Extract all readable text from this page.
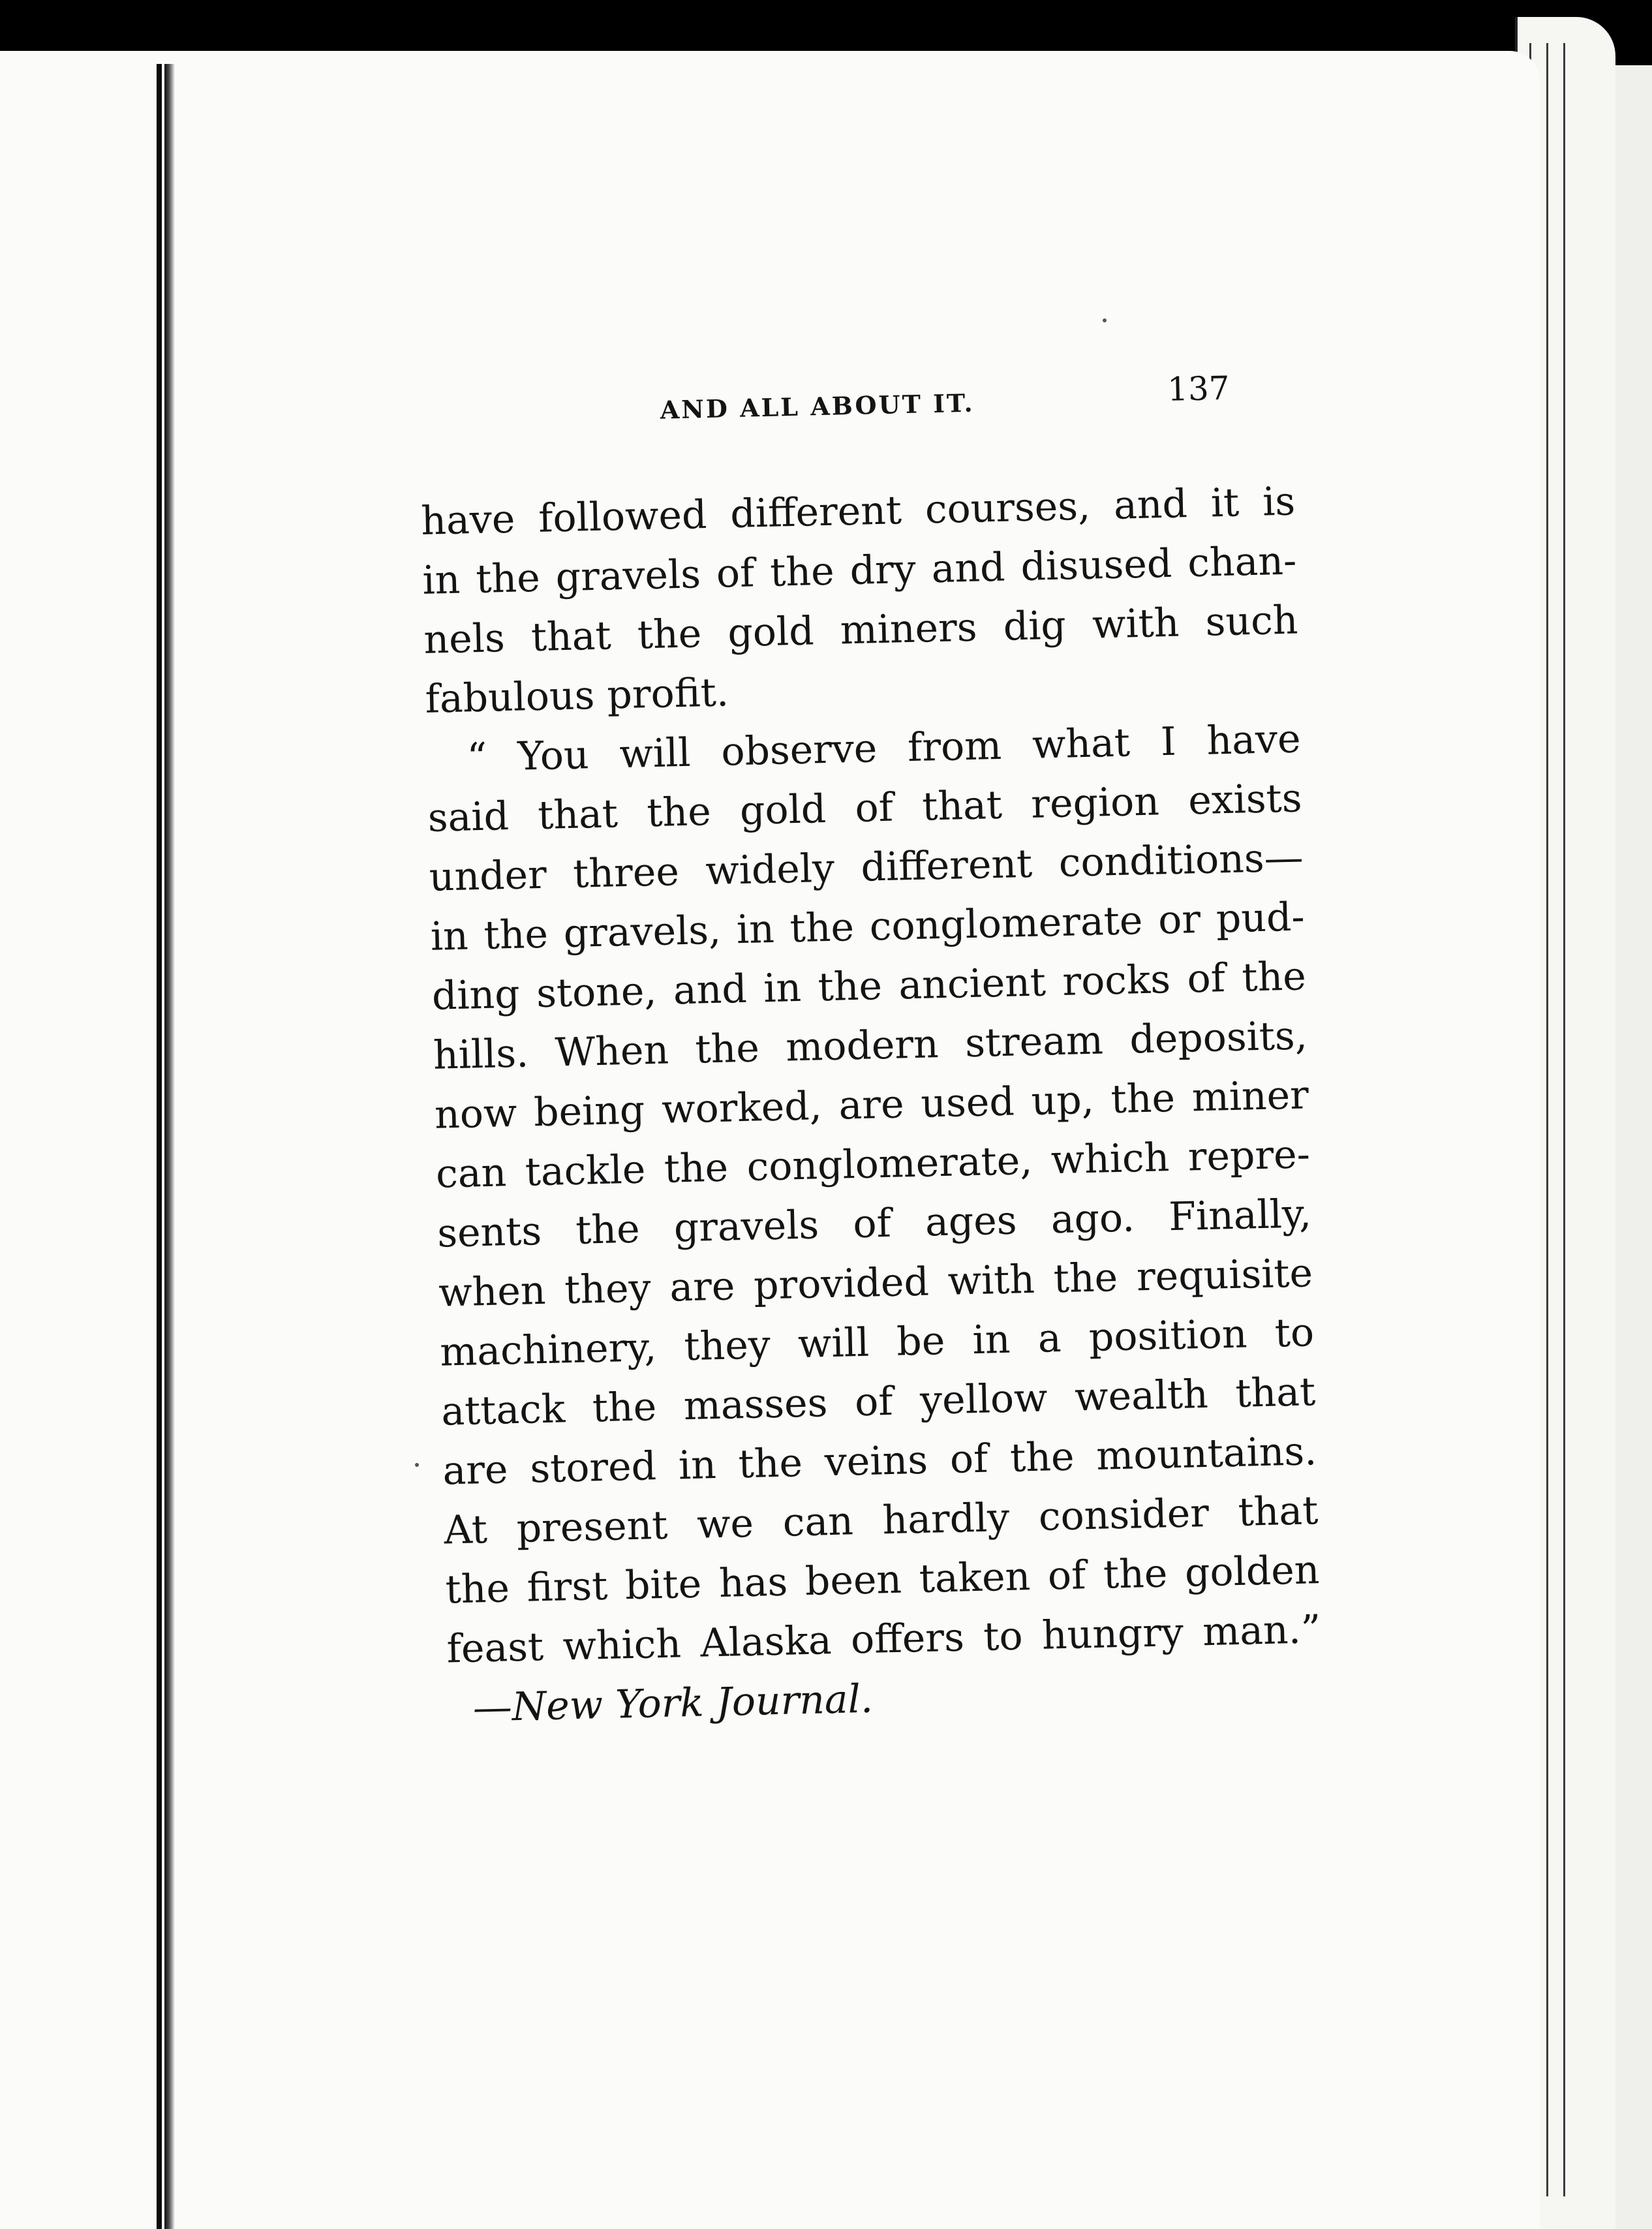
AND ALL ABOUT IT.	137
have followed different courses, and it is
in the gravels of the dry and disused chan-
nels that the gold miners dig with such
fabulous profit.
“ You will observe from what I have
said that the gold of that region exists
under three widely different conditions—
in the gravels, in the conglomerate or pud-
ding stone, and in the ancient rocks of the
hills. When the modern stream deposits,
now being worked, are used up, the miner
can tackle the conglomerate, which repre-
sents the gravels of ages ago. Finally,
when they are provided with the requisite
machinery, they will be in a position to
attack the masses of yellow wealth that
are stored in the veins of the mountains.
At present we can hardly consider that
the first bite has been taken of the golden
feast which Alaska offers to hungry man.”
—New York Journal.
